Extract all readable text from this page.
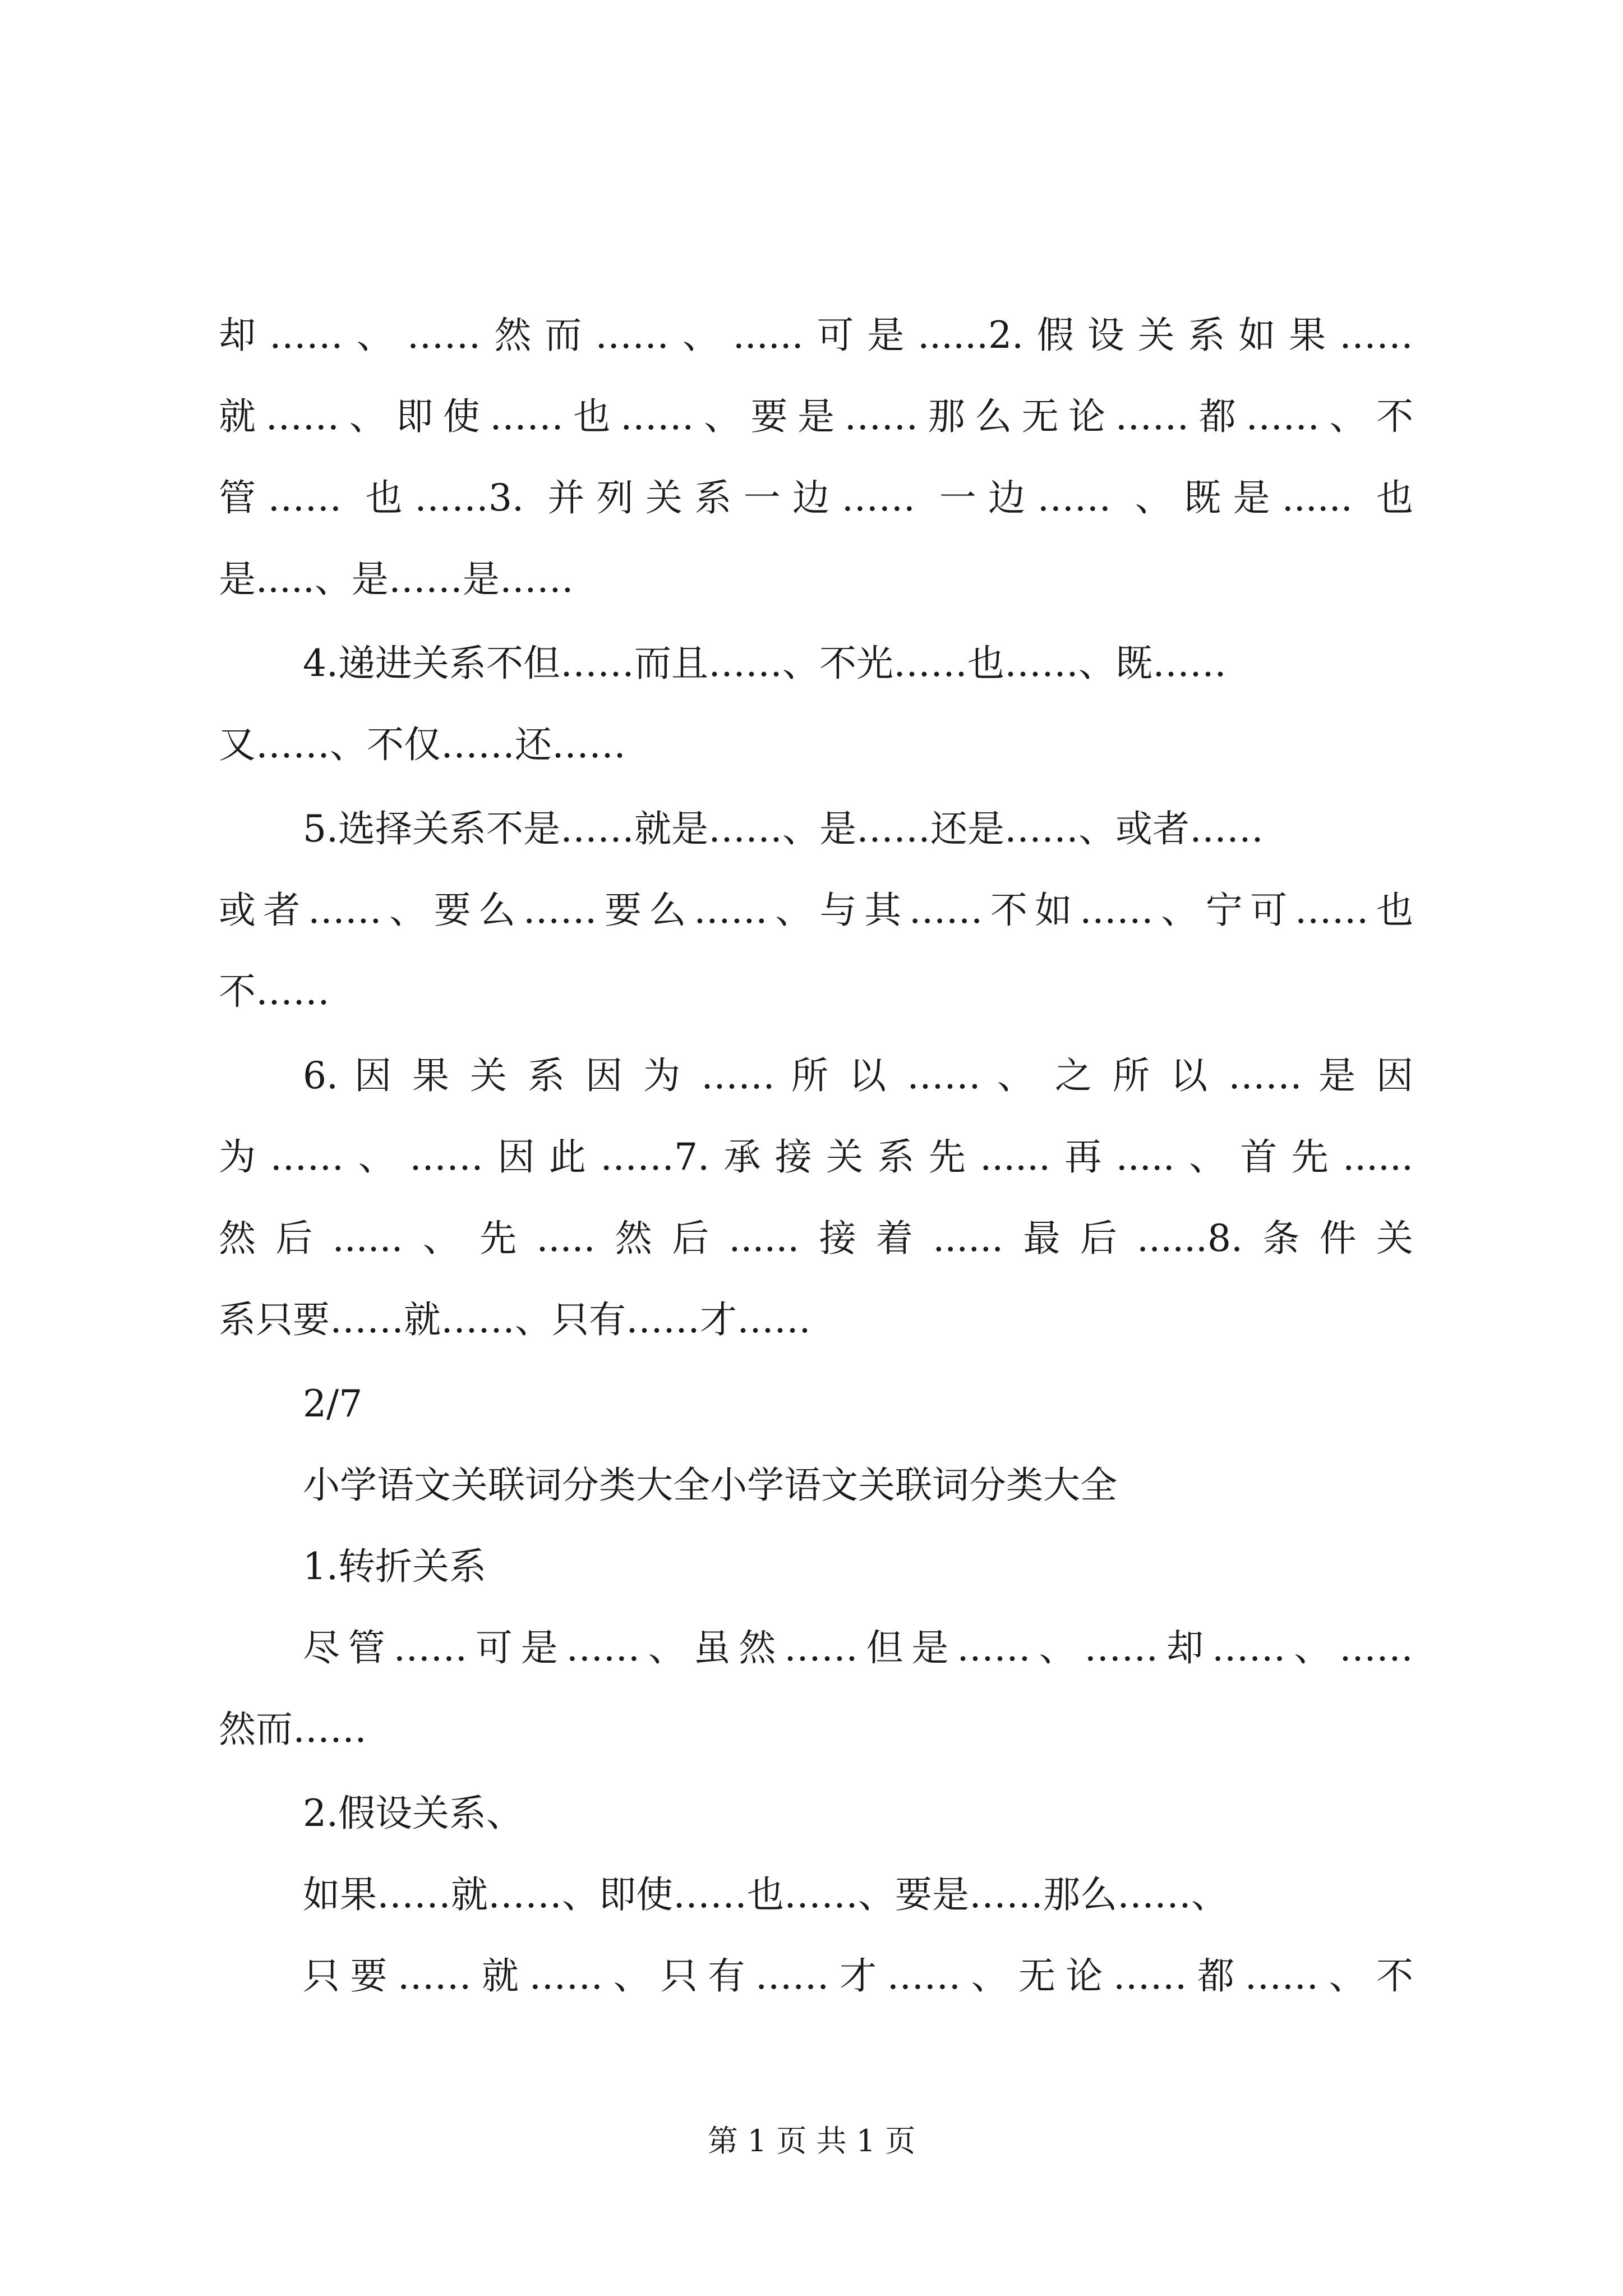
却……、……然而……、......可是......2.假设关系如果……
就……、即使……也……、要是……那么无论……都……、不
管…… 也……3. 并列关系一边…… 一边…… 、既是...... 也
是.....、是……是……
4.递进关系不但……而且……、不光……也……、既……
又……、不仅……还……
5.选择关系不是……就是……、是……还是……、或者……
或者……、要么……要么……、与其……不如……、宁可……也
不……
6. 因 果 关 系 因 为 …… 所 以 …… 、 之 所 以 …… 是 因
为……、……因此……7.承接关系先......再.....、首先......
然后......、先.....然后......接着......最后......8.条件关
系只要……就……、只有……才……
2/7
小学语文关联词分类大全小学语文关联词分类大全
1.转折关系
尽管……可是……、虽然……但是……、……却……、……
然而……
2.假设关系、
如果……就……、即使……也……、要是……那么……、
只要……就……、只有……才……、无论……都……、不
第 1 页 共 1 页
